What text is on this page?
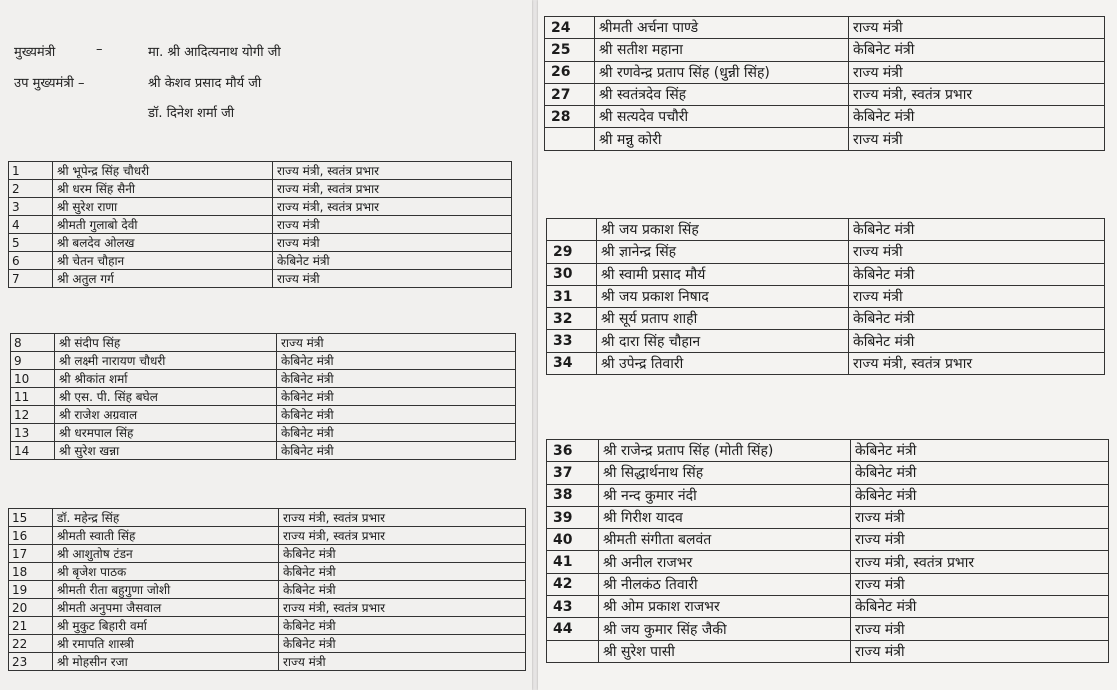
मुख्यमंत्री	–	मा. श्री आदित्यनाथ योगी जी
उप मुख्यमंत्री –	श्री केशव प्रसाद मौर्य जी
डॉ. दिनेश शर्मा जी
1	श्री भूपेन्द्र सिंह चौधरी	राज्य मंत्री, स्वतंत्र प्रभार
2	श्री धरम सिंह सैनी	राज्य मंत्री, स्वतंत्र प्रभार
3	श्री सुरेश राणा	राज्य मंत्री, स्वतंत्र प्रभार
4	श्रीमती गुलाबो देवी	राज्य मंत्री
5	श्री बलदेव ओलख	राज्य मंत्री
6	श्री चेतन चौहान	केबिनेट मंत्री
7	श्री अतुल गर्ग	राज्य मंत्री
8	श्री संदीप सिंह	राज्य मंत्री
9	श्री लक्ष्मी नारायण चौधरी	केबिनेट मंत्री
10	श्री श्रीकांत शर्मा	केबिनेट मंत्री
11	श्री एस. पी. सिंह बघेल	केबिनेट मंत्री
12	श्री राजेश अग्रवाल	केबिनेट मंत्री
13	श्री धरमपाल सिंह	केबिनेट मंत्री
14	श्री सुरेश खन्ना	केबिनेट मंत्री
15	डॉ. महेन्द्र सिंह	राज्य मंत्री, स्वतंत्र प्रभार
16	श्रीमती स्वाती सिंह	राज्य मंत्री, स्वतंत्र प्रभार
17	श्री आशुतोष टंडन	केबिनेट मंत्री
18	श्री बृजेश पाठक	केबिनेट मंत्री
19	श्रीमती रीता बहुगुणा जोशी	केबिनेट मंत्री
20	श्रीमती अनुपमा जैसवाल	राज्य मंत्री, स्वतंत्र प्रभार
21	श्री मुकुट बिहारी वर्मा	केबिनेट मंत्री
22	श्री रमापति शास्त्री	केबिनेट मंत्री
23	श्री मोहसीन रजा	राज्य मंत्री
24	श्रीमती अर्चना पाण्डे	राज्य मंत्री
25	श्री सतीश महाना	केबिनेट मंत्री
26	श्री रणवेन्द्र प्रताप सिंह (धुन्नी सिंह)	राज्य मंत्री
27	श्री स्वतंत्रदेव सिंह	राज्य मंत्री, स्वतंत्र प्रभार
28	श्री सत्यदेव पचौरी	केबिनेट मंत्री
	श्री मन्नु कोरी	राज्य मंत्री
	श्री जय प्रकाश सिंह	केबिनेट मंत्री
29	श्री ज्ञानेन्द्र सिंह	राज्य मंत्री
30	श्री स्वामी प्रसाद मौर्य	केबिनेट मंत्री
31	श्री जय प्रकाश निषाद	राज्य मंत्री
32	श्री सूर्य प्रताप शाही	केबिनेट मंत्री
33	श्री दारा सिंह चौहान	केबिनेट मंत्री
34	श्री उपेन्द्र तिवारी	राज्य मंत्री, स्वतंत्र प्रभार
36	श्री राजेन्द्र प्रताप सिंह (मोती सिंह)	केबिनेट मंत्री
37	श्री सिद्धार्थनाथ सिंह	केबिनेट मंत्री
38	श्री नन्द कुमार नंदी	केबिनेट मंत्री
39	श्री गिरीश यादव	राज्य मंत्री
40	श्रीमती संगीता बलवंत	राज्य मंत्री
41	श्री अनील राजभर	राज्य मंत्री, स्वतंत्र प्रभार
42	श्री नीलकंठ तिवारी	राज्य मंत्री
43	श्री ओम प्रकाश राजभर	केबिनेट मंत्री
44	श्री जय कुमार सिंह जैकी	राज्य मंत्री
	श्री सुरेश पासी	राज्य मंत्री
